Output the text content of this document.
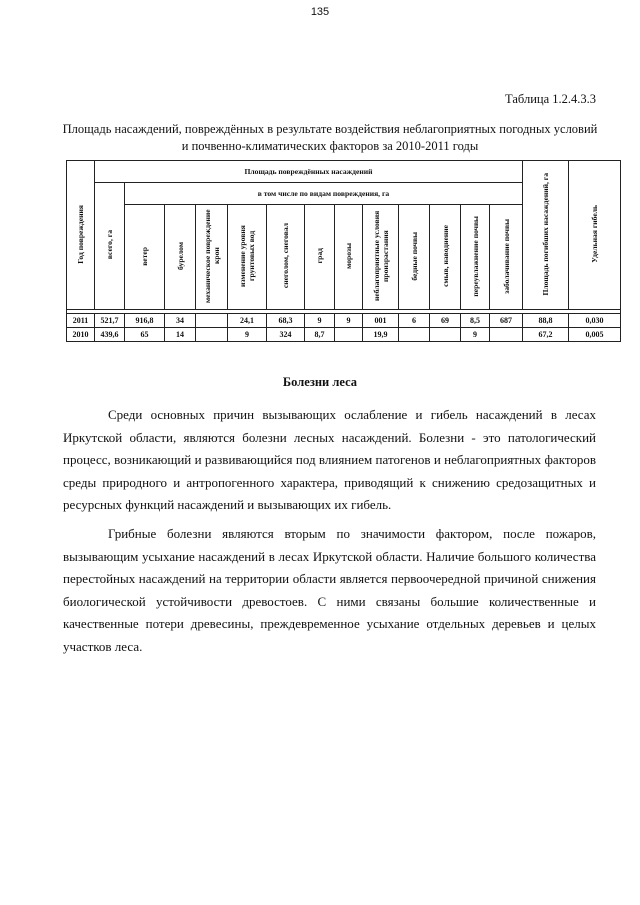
135
Таблица 1.2.4.3.3
Площадь насаждений, повреждённых в результате воздействия неблагоприятных погодных условий и почвенно-климатических факторов за 2010-2011 годы
Год повреждения	Площадь повреждённых насаждений													Площадь погибших насаждений, га	Удельная гибель
	всего, га	в том числе по видам повреждения, га													
		ветер	бурелом	механическое повреждение крон	изменение уровня грунтовых вод	снеголом, снеговал	град	морозы	неблагоприятные условия произрастания	бедные почвы	смыв, наводнение	переувлажнение почвы	заболачивание почвы		

2011	521,7	916,8	34		24,1	68,3	9	9	001	6	69	8,5	687	88,8	0,030
2010	439,6	65	14		9	324	8,7		19,9			9		67,2	0,005
Болезни леса

Среди основных причин вызывающих ослабление и гибель насаждений в лесах Иркутской области, являются болезни лесных насаждений. Болезни - это патологический процесс, возникающий и развивающийся под влиянием патогенов и неблагоприятных факторов среды природного и антропогенного характера, приводящий к снижению средозащитных и ресурсных функций насаждений и вызывающих их гибель.

Грибные болезни являются вторым по значимости фактором, после пожаров, вызывающим усыхание насаждений в лесах Иркутской области. Наличие большого количества перестойных насаждений на территории области является первоочередной причиной снижения биологической устойчивости древостоев. С ними связаны большие количественные и качественные потери древесины, преждевременное усыхание отдельных деревьев и целых участков леса.
